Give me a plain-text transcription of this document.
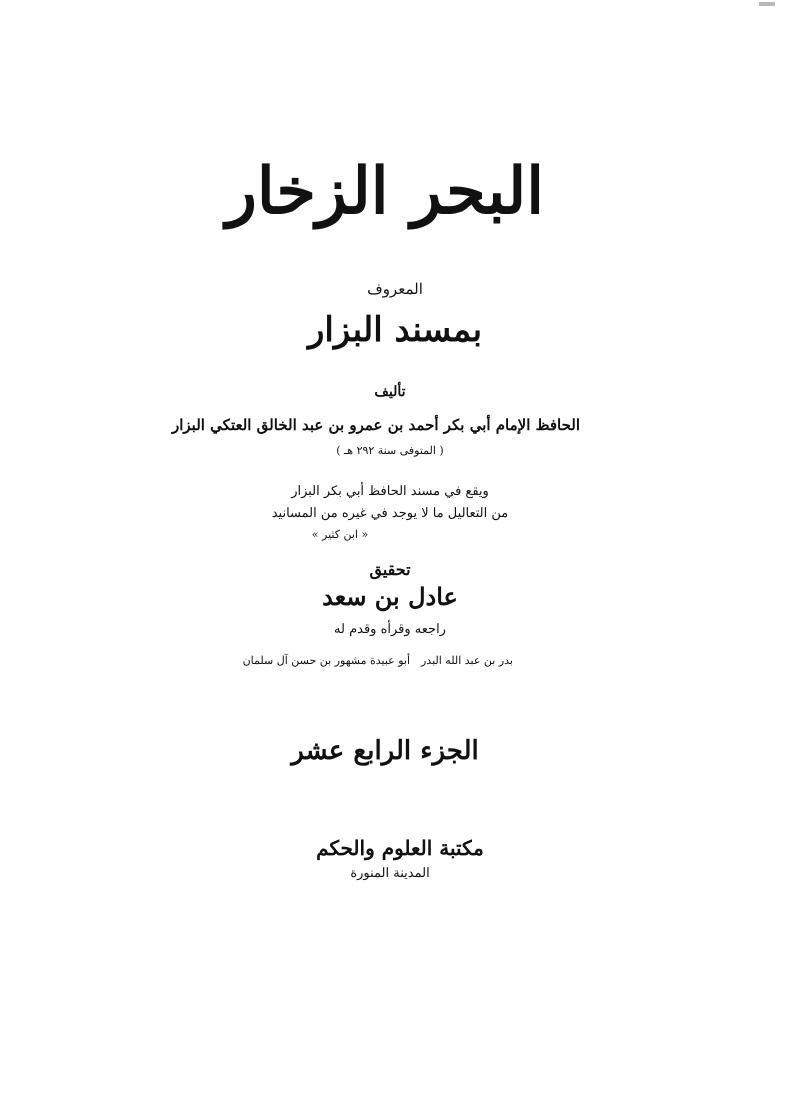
البحر الزخار
المعروف
بمسند البزار
تأليف
الحافظ الإمام أبي بكر أحمد بن عمرو بن عبد الخالق العتكي البزار
( المتوفى سنة ٢٩٢ هـ )
ويقع في مسند الحافظ أبي بكر البزار
من التعاليل ما لا يوجد في غيره من المسانيد
« ابن كثير »
تحقيق
عادل بن سعد
راجعه وقرأه وقدم له
بدر بن عبد الله البدر
أبو عبيدة مشهور بن حسن آل سلمان
الجزء الرابع عشر
مكتبة العلوم والحكم
المدينة المنورة
